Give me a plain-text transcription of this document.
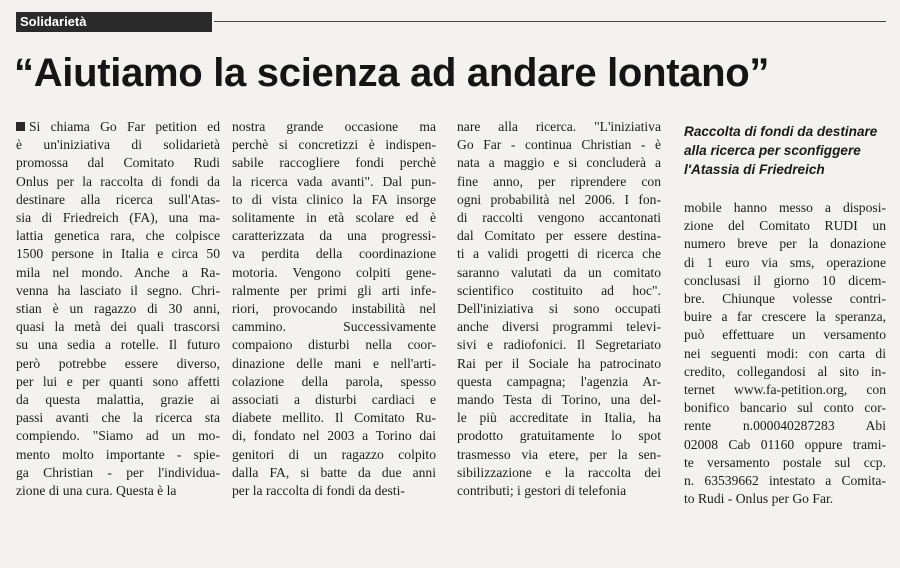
Solidarietà
“Aiutiamo la scienza ad andare lontano”
Raccolta di fondi da destinare
alla ricerca per sconfiggere
l'Atassia di Friedreich
Si chiama Go Far petition ed
è un'iniziativa di solidarietà
promossa dal Comitato Rudi
Onlus per la raccolta di fondi da
destinare alla ricerca sull'Atas-
sia di Friedreich (FA), una ma-
lattia genetica rara, che colpisce
1500 persone in Italia e circa 50
mila nel mondo. Anche a Ra-
venna ha lasciato il segno. Chri-
stian è un ragazzo di 30 anni,
quasi la metà dei quali trascorsi
su una sedia a rotelle. Il futuro
però potrebbe essere diverso,
per lui e per quanti sono affetti
da questa malattia, grazie ai
passi avanti che la ricerca sta
compiendo. "Siamo ad un mo-
mento molto importante - spie-
ga Christian - per l'individua-
zione di una cura. Questa è la
nostra grande occasione ma
perchè si concretizzi è indispen-
sabile raccogliere fondi perchè
la ricerca vada avanti". Dal pun-
to di vista clinico la FA insorge
solitamente in età scolare ed è
caratterizzata da una progressi-
va perdita della coordinazione
motoria. Vengono colpiti gene-
ralmente per primi gli arti infe-
riori, provocando instabilità nel
cammino. Successivamente
compaiono disturbi nella coor-
dinazione delle mani e nell'arti-
colazione della parola, spesso
associati a disturbi cardiaci e
diabete mellito. Il Comitato Ru-
di, fondato nel 2003 a Torino dai
genitori di un ragazzo colpito
dalla FA, si batte da due anni
per la raccolta di fondi da desti-
nare alla ricerca. "L'iniziativa
Go Far - continua Christian - è
nata a maggio e si concluderà a
fine anno, per riprendere con
ogni probabilità nel 2006. I fon-
di raccolti vengono accantonati
dal Comitato per essere destina-
ti a validi progetti di ricerca che
saranno valutati da un comitato
scientifico costituito ad hoc".
Dell'iniziativa si sono occupati
anche diversi programmi televi-
sivi e radiofonici. Il Segretariato
Rai per il Sociale ha patrocinato
questa campagna; l'agenzia Ar-
mando Testa di Torino, una del-
le più accreditate in Italia, ha
prodotto gratuitamente lo spot
trasmesso via etere, per la sen-
sibilizzazione e la raccolta dei
contributi; i gestori di telefonia
mobile hanno messo a disposi-
zione del Comitato RUDI un
numero breve per la donazione
di 1 euro via sms, operazione
conclusasi il giorno 10 dicem-
bre. Chiunque volesse contri-
buire a far crescere la speranza,
può effettuare un versamento
nei seguenti modi: con carta di
credito, collegandosi al sito in-
ternet www.fa-petition.org, con
bonifico bancario sul conto cor-
rente n.000040287283 Abi
02008 Cab 01160 oppure trami-
te versamento postale sul ccp.
n. 63539662 intestato a Comita-
to Rudi - Onlus per Go Far.
